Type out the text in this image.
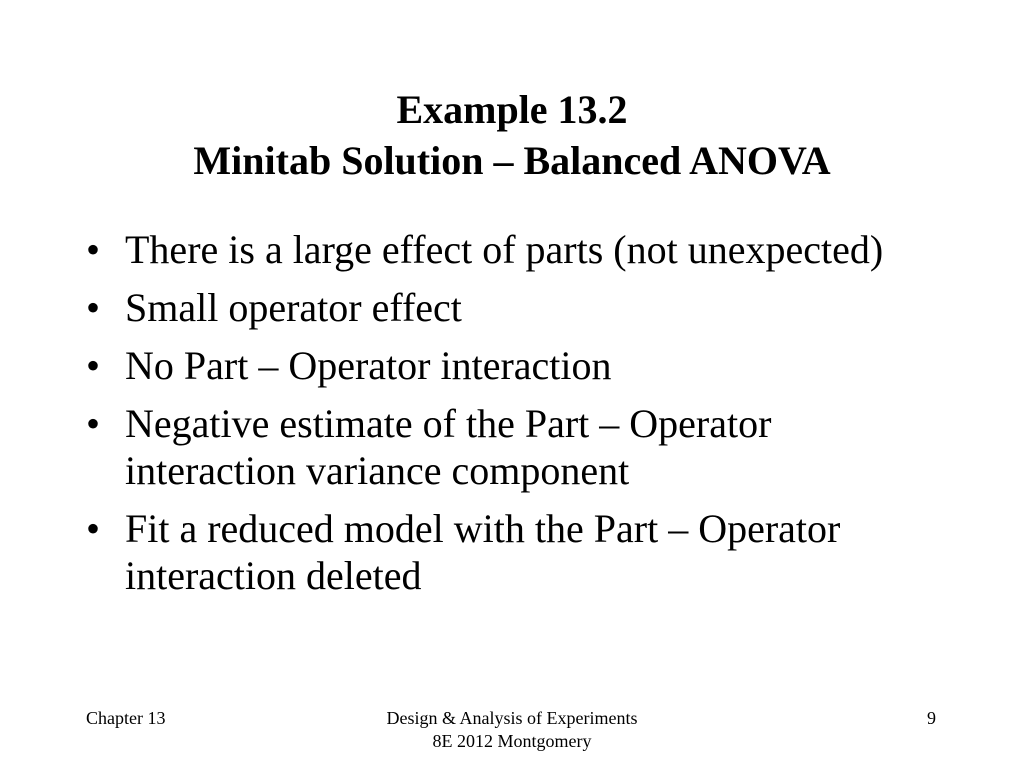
Example 13.2
Minitab Solution – Balanced ANOVA
• There is a large effect of parts (not unexpected)
• Small operator effect
• No Part – Operator interaction
• Negative estimate of the Part – Operator interaction variance component
• Fit a reduced model with the Part – Operator interaction deleted
Chapter 13	Design & Analysis of Experiments
8E 2012 Montgomery
9
